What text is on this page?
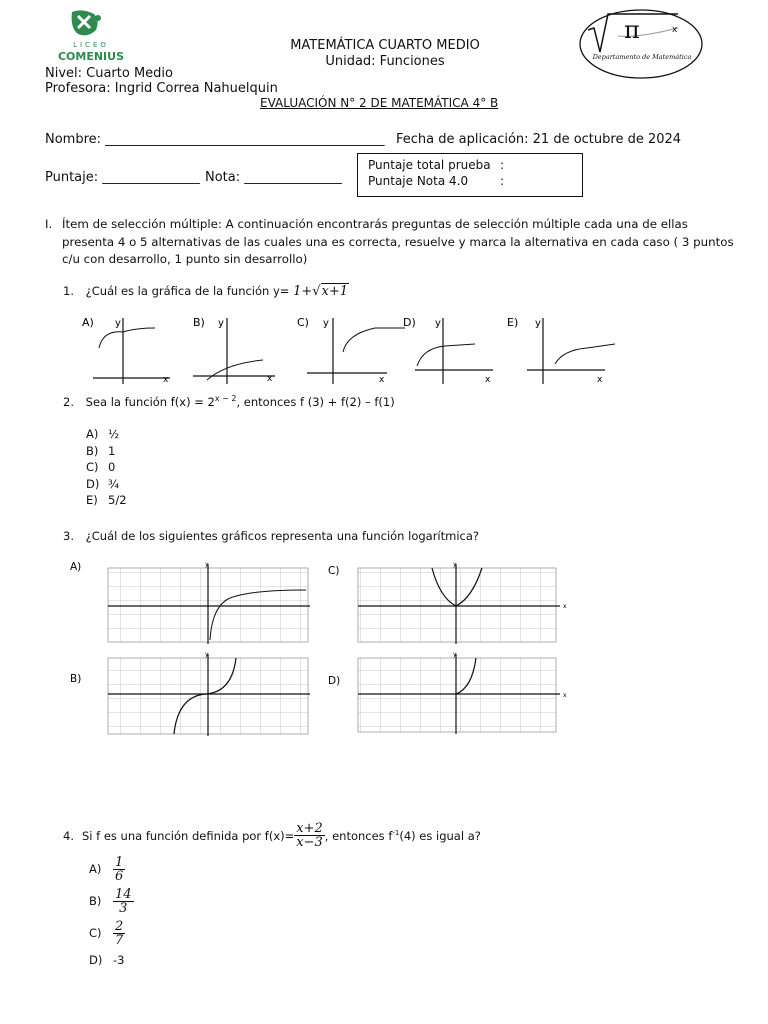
LICEO
COMENIUS
π	x
Departamento de Matemática
MATEMÁTICA CUARTO MEDIO
Unidad: Funciones
Nivel: Cuarto Medio
Profesora: Ingrid Correa Nahuelquin
EVALUACIÓN N° 2 DE MATEMÁTICA 4° B
Nombre: ___________________________________________ Fecha de aplicación: 21 de octubre de 2024
Puntaje: _______________ Nota: _______________
Puntaje total prueba :
Puntaje Nota 4.0	:
I. Ítem de selección múltiple: A continuación encontrarás preguntas de selección múltiple cada una de ellas presenta 4 o 5 alternativas de las cuales una es correcta, resuelve y marca la alternativa en cada caso ( 3 puntos c/u con desarrollo, 1 punto sin desarrollo)
1. ¿Cuál es la gráfica de la función y= 1+√x+1
A) y
x
B) y
x
C) y
x
D) y
x
E) y
x
2. Sea la función $f(x) = 2^{x - 2}$, entonces f (3) + f(2) – f(1)
A) ½
B) 1
C) 0
D) ¾
E) 5/2
3. ¿Cuál de los siguientes gráficos representa una función logarítmica?
A)	y
C)
y
x
B)
y
D)
y
x
4. Si f es una función definida por $f(x)= \frac{x+2}{x-3}$ , entonces f $^{-1}$ (4) es igual a?
$A) \frac{1}{6}$
$B) \frac{14}{3}$
$C) \frac{2}{7}$
D) -3
